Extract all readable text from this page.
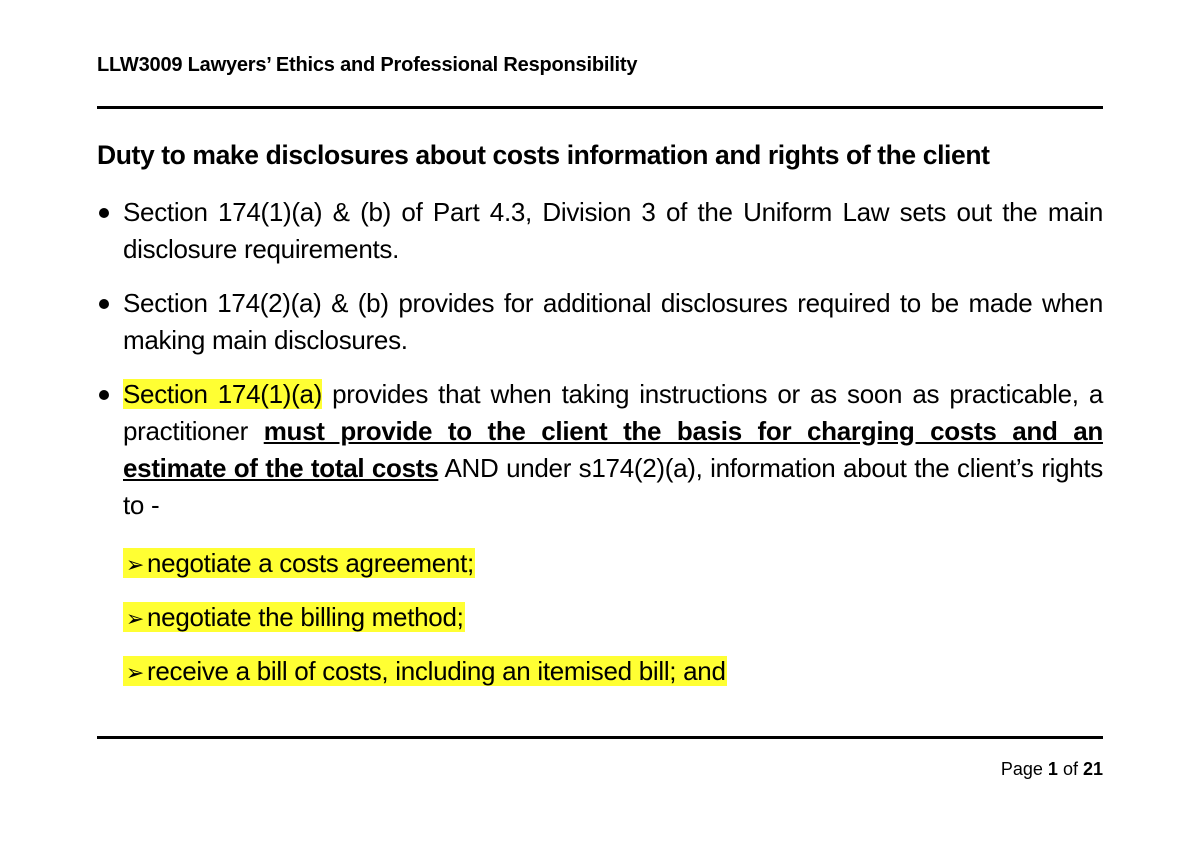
LLW3009 Lawyers’ Ethics and Professional Responsibility
Duty to make disclosures about costs information and rights of the client
Section 174(1)(a) & (b) of Part 4.3, Division 3 of the Uniform Law sets out the main disclosure requirements.
Section 174(2)(a) & (b) provides for additional disclosures required to be made when making main disclosures.
Section 174(1)(a) provides that when taking instructions or as soon as practicable, a practitioner must provide to the client the basis for charging costs and an estimate of the total costs AND under s174(2)(a), information about the client’s rights to -
➢ negotiate a costs agreement;
➢ negotiate the billing method;
➢ receive a bill of costs, including an itemised bill; and
Page 1 of 21
